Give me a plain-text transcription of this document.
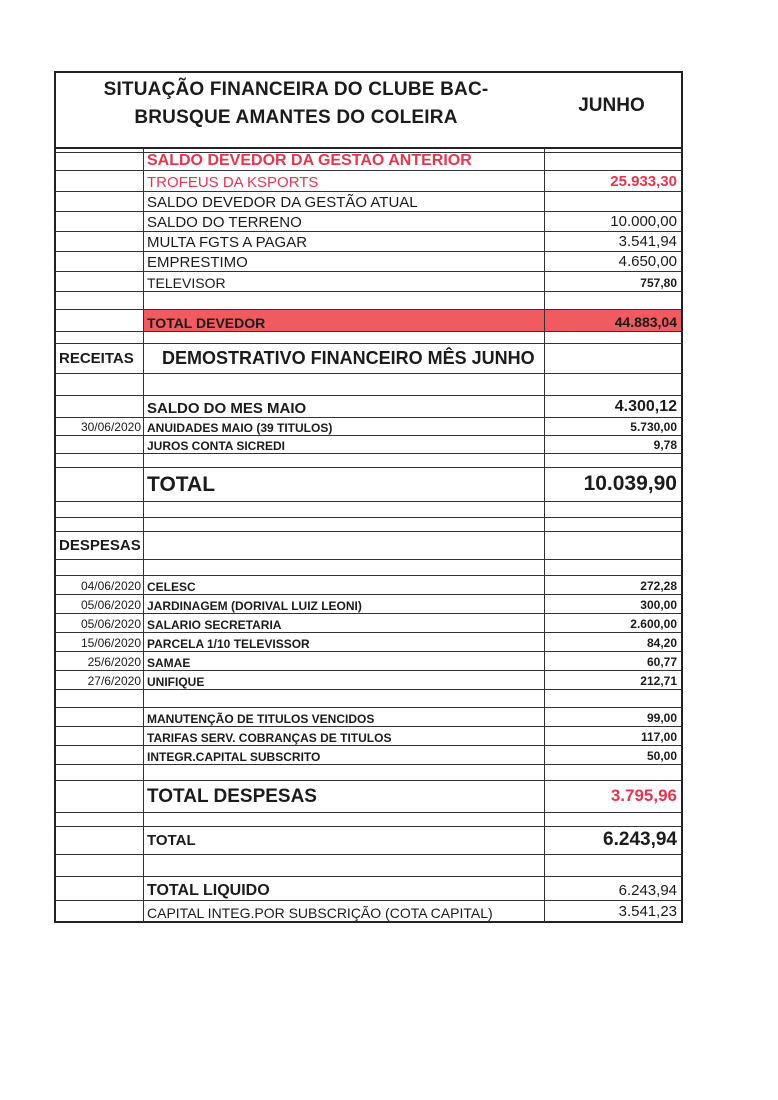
SITUAÇÃO FINANCEIRA DO CLUBE BAC-
BRUSQUE AMANTES DO COLEIRA
JUNHO
SALDO DEVEDOR DA GESTAO ANTERIOR
TROFEUS DA KSPORTS	25.933,30
SALDO DEVEDOR DA GESTÃO ATUAL
SALDO DO TERRENO	10.000,00
MULTA FGTS A PAGAR	3.541,94
EMPRESTIMO	4.650,00
TELEVISOR	757,80
TOTAL DEVEDOR	44.883,04
RECEITAS	DEMOSTRATIVO FINANCEIRO MÊS JUNHO
SALDO DO MES MAIO	4.300,12
30/06/2020 ANUIDADES MAIO (39 TITULOS)	5.730,00
JUROS CONTA SICREDI	9,78
TOTAL	10.039,90
DESPESAS
04/06/2020 CELESC	272,28
05/06/2020 JARDINAGEM (DORIVAL LUIZ LEONI)	300,00
05/06/2020 SALARIO SECRETARIA	2.600,00
15/06/2020 PARCELA 1/10 TELEVISSOR	84,20
25/6/2020 SAMAE	60,77
27/6/2020 UNIFIQUE	212,71
MANUTENÇÃO DE TITULOS VENCIDOS	99,00
TARIFAS SERV. COBRANÇAS DE TITULOS	117,00
INTEGR.CAPITAL SUBSCRITO	50,00
TOTAL DESPESAS	3.795,96
TOTAL	6.243,94
TOTAL LIQUIDO	6.243,94
CAPITAL INTEG.POR SUBSCRIÇÃO (COTA CAPITAL)	3.541,23
